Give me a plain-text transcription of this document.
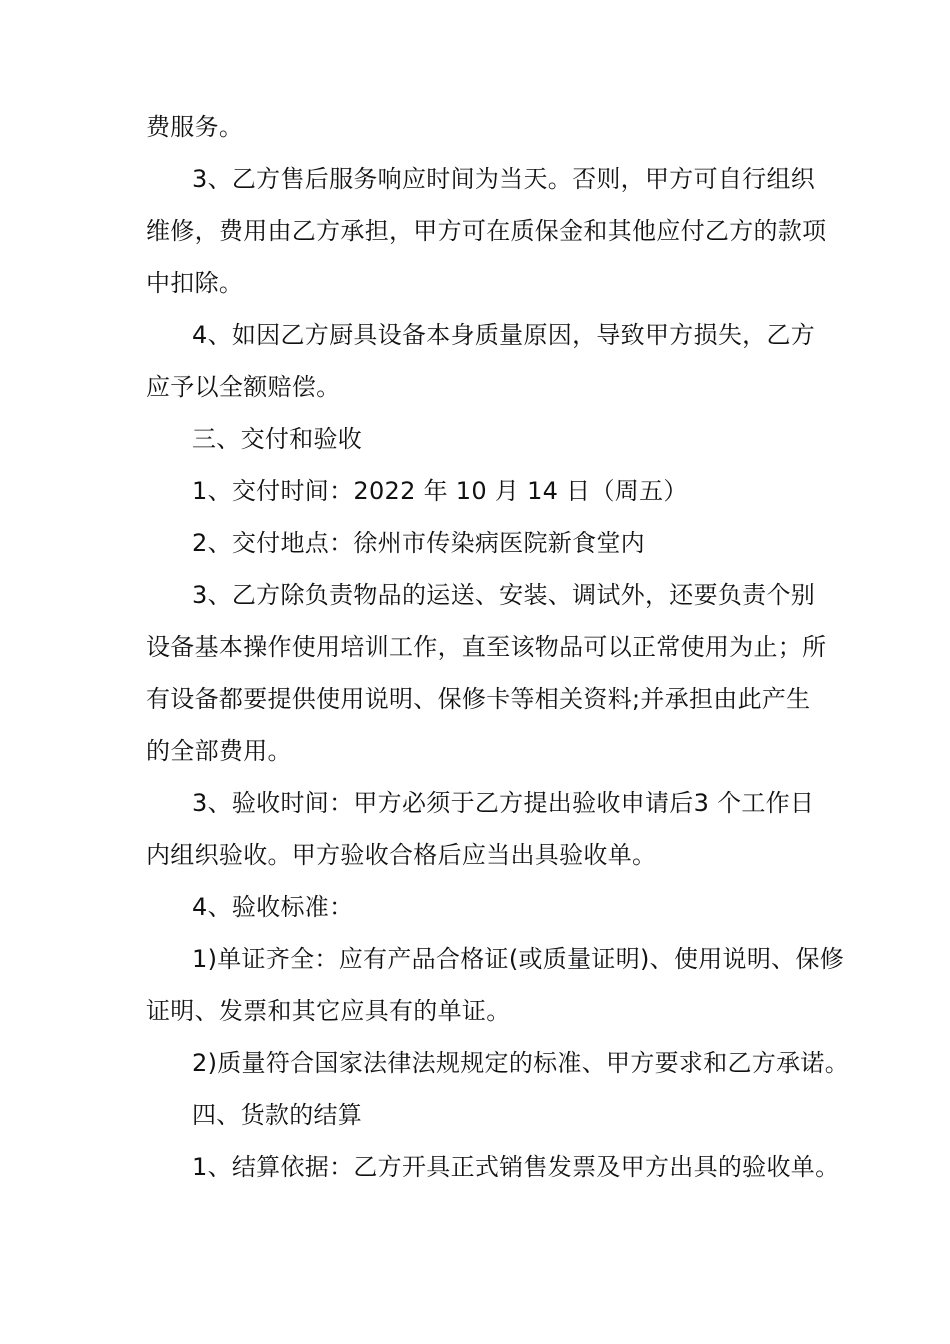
费服务。
3、乙方售后服务响应时间为当天。否则，甲方可自行组织
维修，费用由乙方承担，甲方可在质保金和其他应付乙方的款项
中扣除。
4、如因乙方厨具设备本身质量原因，导致甲方损失，乙方
应予以全额赔偿。
三、交付和验收
1、交付时间：2022 年 10 月 14 日（周五）
2、交付地点：徐州市传染病医院新食堂内
3、乙方除负责物品的运送、安装、调试外，还要负责个别
设备基本操作使用培训工作，直至该物品可以正常使用为止；所
有设备都要提供使用说明、保修卡等相关资料;并承担由此产生
的全部费用。
3、验收时间：甲方必须于乙方提出验收申请后3 个工作日
内组织验收。甲方验收合格后应当出具验收单。
4、验收标准：
1)单证齐全：应有产品合格证(或质量证明)、使用说明、保修
证明、发票和其它应具有的单证。
2)质量符合国家法律法规规定的标准、甲方要求和乙方承诺。
四、货款的结算
1、结算依据：乙方开具正式销售发票及甲方出具的验收单。
